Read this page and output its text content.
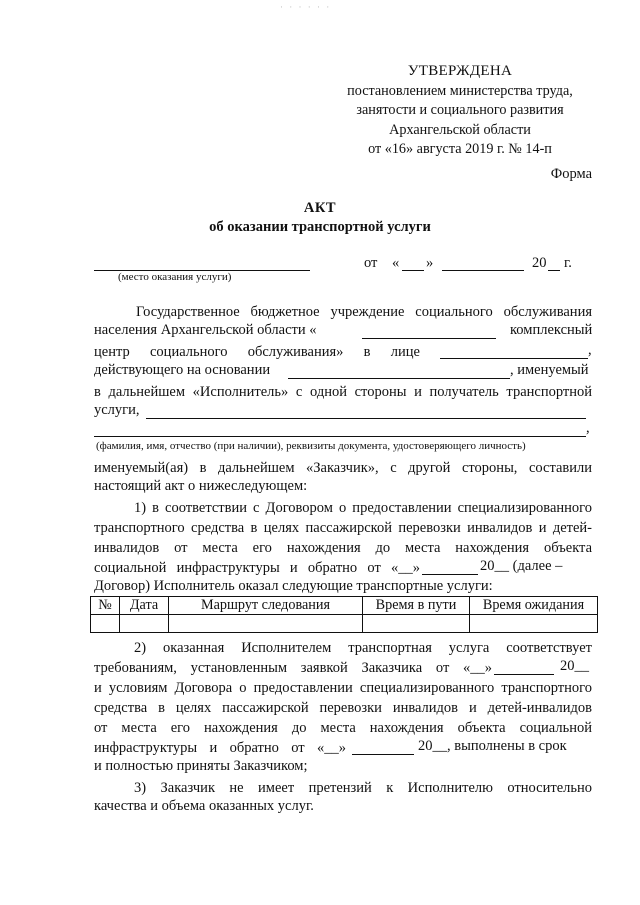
· · · · · ·
УТВЕРЖДЕНА
постановлением министерства труда,
занятости и социального развития
Архангельской области
от «16» августа 2019 г. № 14-п
Форма
АКТ
об оказании транспортной услуги
(место оказания услуги)
от « »	20 г.
Государственное бюджетное учреждение социального обслуживания
населения Архангельской области «	комплексный
центр социального обслуживания» в лице	,
действующего на основании	, именуемый
в дальнейшем «Исполнитель» с одной стороны и получатель транспортной
услуги,
,
(фамилия, имя, отчество (при наличии), реквизиты документа, удостоверяющего личность)
именуемый(ая) в дальнейшем «Заказчик», с другой стороны, составили
настоящий акт о нижеследующем:
1) в соответствии с Договором о предоставлении специализированного
транспортного средства в целях пассажирской перевозки инвалидов и детей-
инвалидов от места его нахождения до места нахождения объекта
социальной инфраструктуры и обратно от «__»	20__ (далее –
Договор) Исполнитель оказал следующие транспортные услуги:
№	Дата	Маршрут следования	Время в пути	Время ожидания

2) оказанная Исполнителем транспортная услуга соответствует
требованиям, установленным заявкой Заказчика от «__»	20__
и условиям Договора о предоставлении специализированного транспортного
средства в целях пассажирской перевозки инвалидов и детей-инвалидов
от места его нахождения до места нахождения объекта социальной
инфраструктуры и обратно от «__»	20__, выполнены в срок
и полностью приняты Заказчиком;
3) Заказчик не имеет претензий к Исполнителю относительно
качества и объема оказанных услуг.
